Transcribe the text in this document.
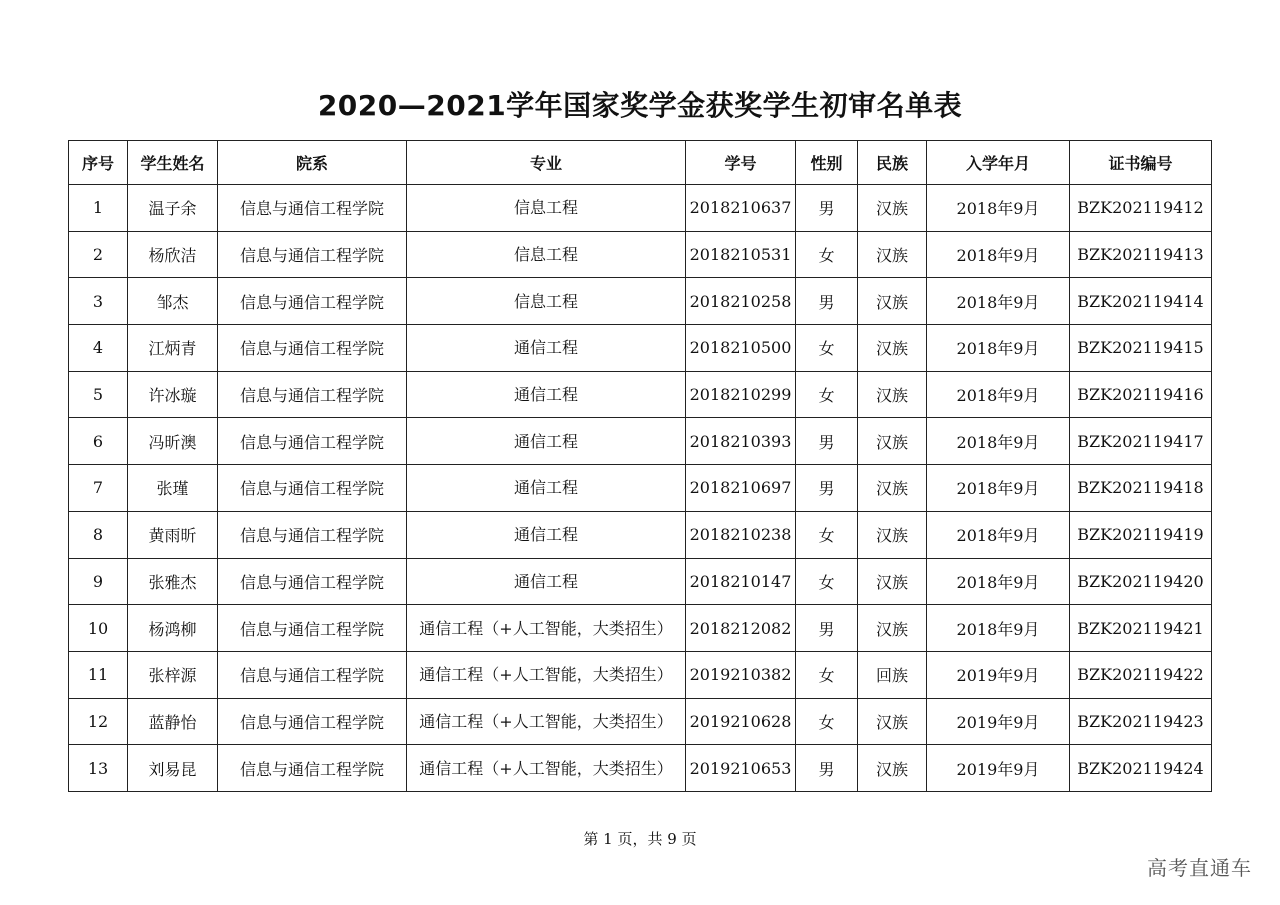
2020—2021学年国家奖学金获奖学生初审名单表
序号	学生姓名	院系	专业	学号	性别	民族	入学年月	证书编号
1	温子余	信息与通信工程学院	信息工程	2018210637	男	汉族	2018年9月	BZK202119412
2	杨欣洁	信息与通信工程学院	信息工程	2018210531	女	汉族	2018年9月	BZK202119413
3	邹杰	信息与通信工程学院	信息工程	2018210258	男	汉族	2018年9月	BZK202119414
4	江炳青	信息与通信工程学院	通信工程	2018210500	女	汉族	2018年9月	BZK202119415
5	许冰璇	信息与通信工程学院	通信工程	2018210299	女	汉族	2018年9月	BZK202119416
6	冯昕澳	信息与通信工程学院	通信工程	2018210393	男	汉族	2018年9月	BZK202119417
7	张瑾	信息与通信工程学院	通信工程	2018210697	男	汉族	2018年9月	BZK202119418
8	黄雨昕	信息与通信工程学院	通信工程	2018210238	女	汉族	2018年9月	BZK202119419
9	张雅杰	信息与通信工程学院	通信工程	2018210147	女	汉族	2018年9月	BZK202119420
10	杨鸿柳	信息与通信工程学院	通信工程（+人工智能，大类招生）	2018212082	男	汉族	2018年9月	BZK202119421
11	张梓源	信息与通信工程学院	通信工程（+人工智能，大类招生）	2019210382	女	回族	2019年9月	BZK202119422
12	蓝静怡	信息与通信工程学院	通信工程（+人工智能，大类招生）	2019210628	女	汉族	2019年9月	BZK202119423
13	刘易昆	信息与通信工程学院	通信工程（+人工智能，大类招生）	2019210653	男	汉族	2019年9月	BZK202119424
第 1 页，共 9 页
高考直通车
